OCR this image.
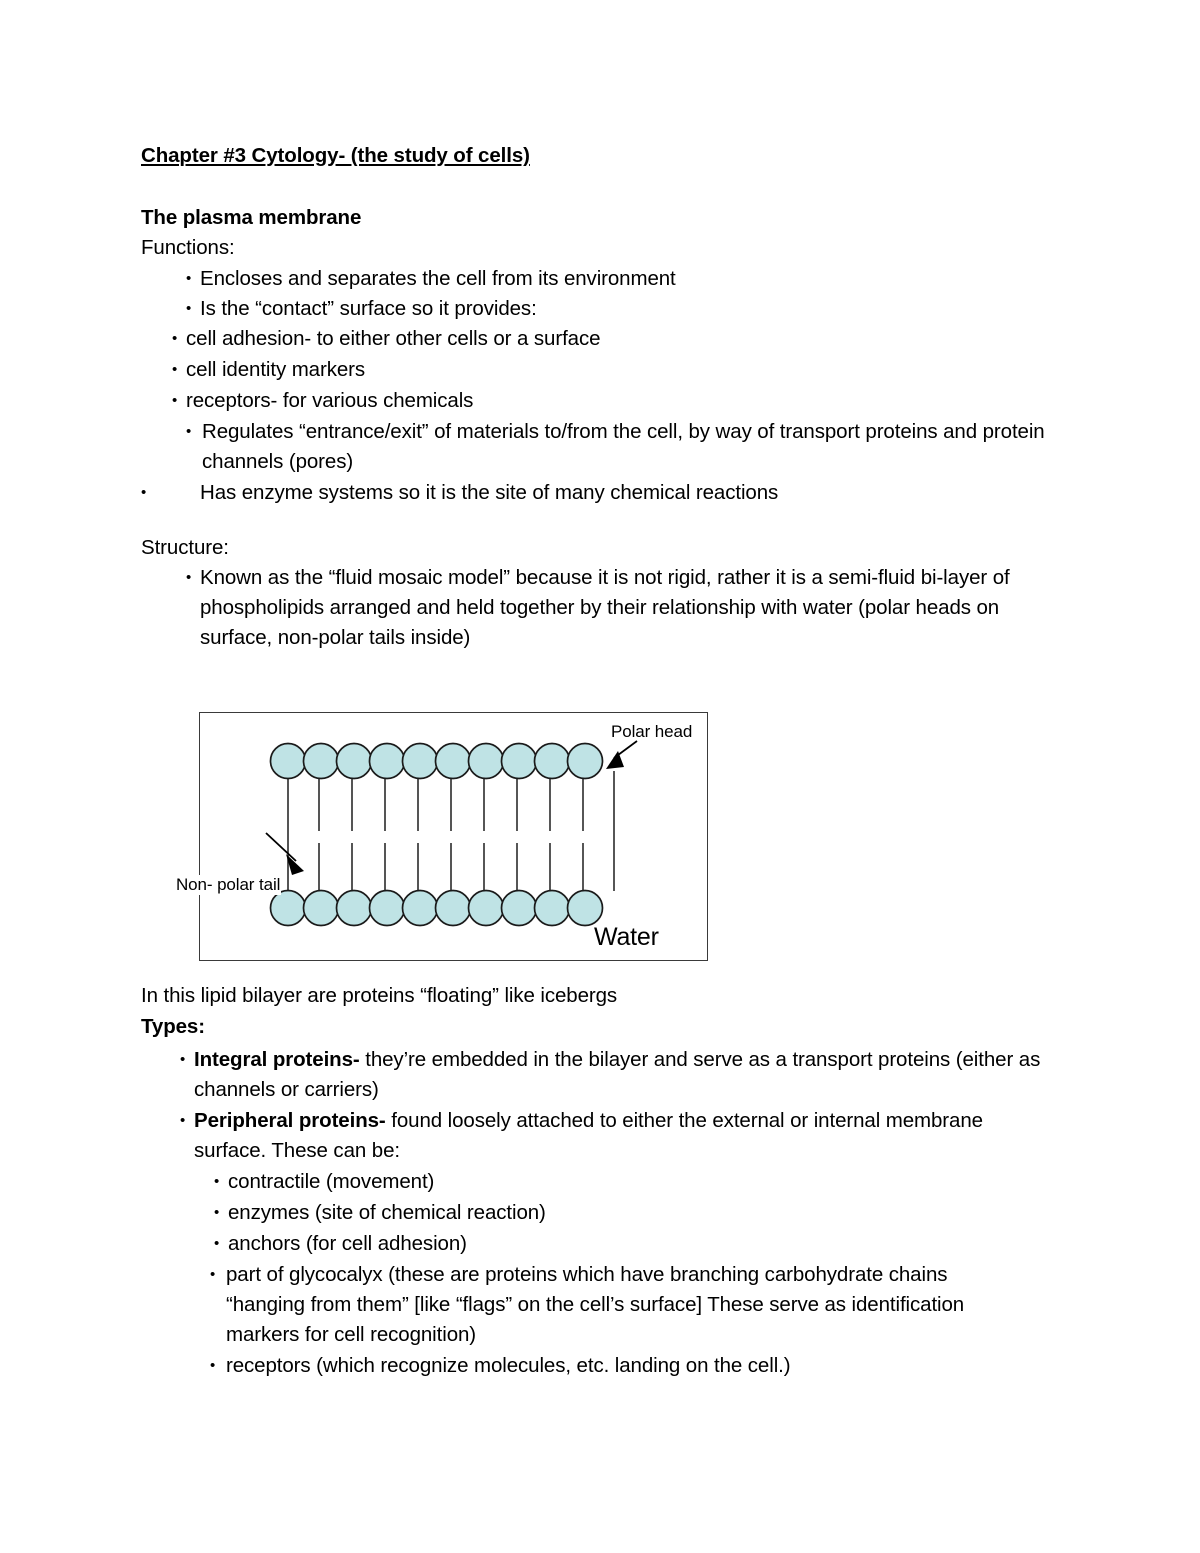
Chapter #3 Cytology- (the study of cells)
The plasma membrane
Functions:
• Encloses and separates the cell from its environment
• Is the “contact” surface so it provides:
• cell adhesion- to either other cells or a surface
• cell identity markers
• receptors- for various chemicals
• Regulates “entrance/exit” of materials to/from the cell, by way of transport proteins and protein channels (pores)
•	Has enzyme systems so it is the site of many chemical reactions
Structure:
• Known as the “fluid mosaic model” because it is not rigid, rather it is a semi-fluid bi-layer of phospholipids arranged and held together by their relationship with water (polar heads on surface, non-polar tails inside)
Polar head
Non- polar tail
Water
In this lipid bilayer are proteins “floating” like icebergs
Types:
• Integral proteins- they’re embedded in the bilayer and serve as a transport proteins (either as channels or carriers)
• Peripheral proteins- found loosely attached to either the external or internal membrane surface. These can be:
• contractile (movement)
• enzymes (site of chemical reaction)
• anchors (for cell adhesion)
• part of glycocalyx (these are proteins which have branching carbohydrate chains “hanging from them” [like “flags” on the cell’s surface] These serve as identification markers for cell recognition)
• receptors (which recognize molecules, etc. landing on the cell.)
